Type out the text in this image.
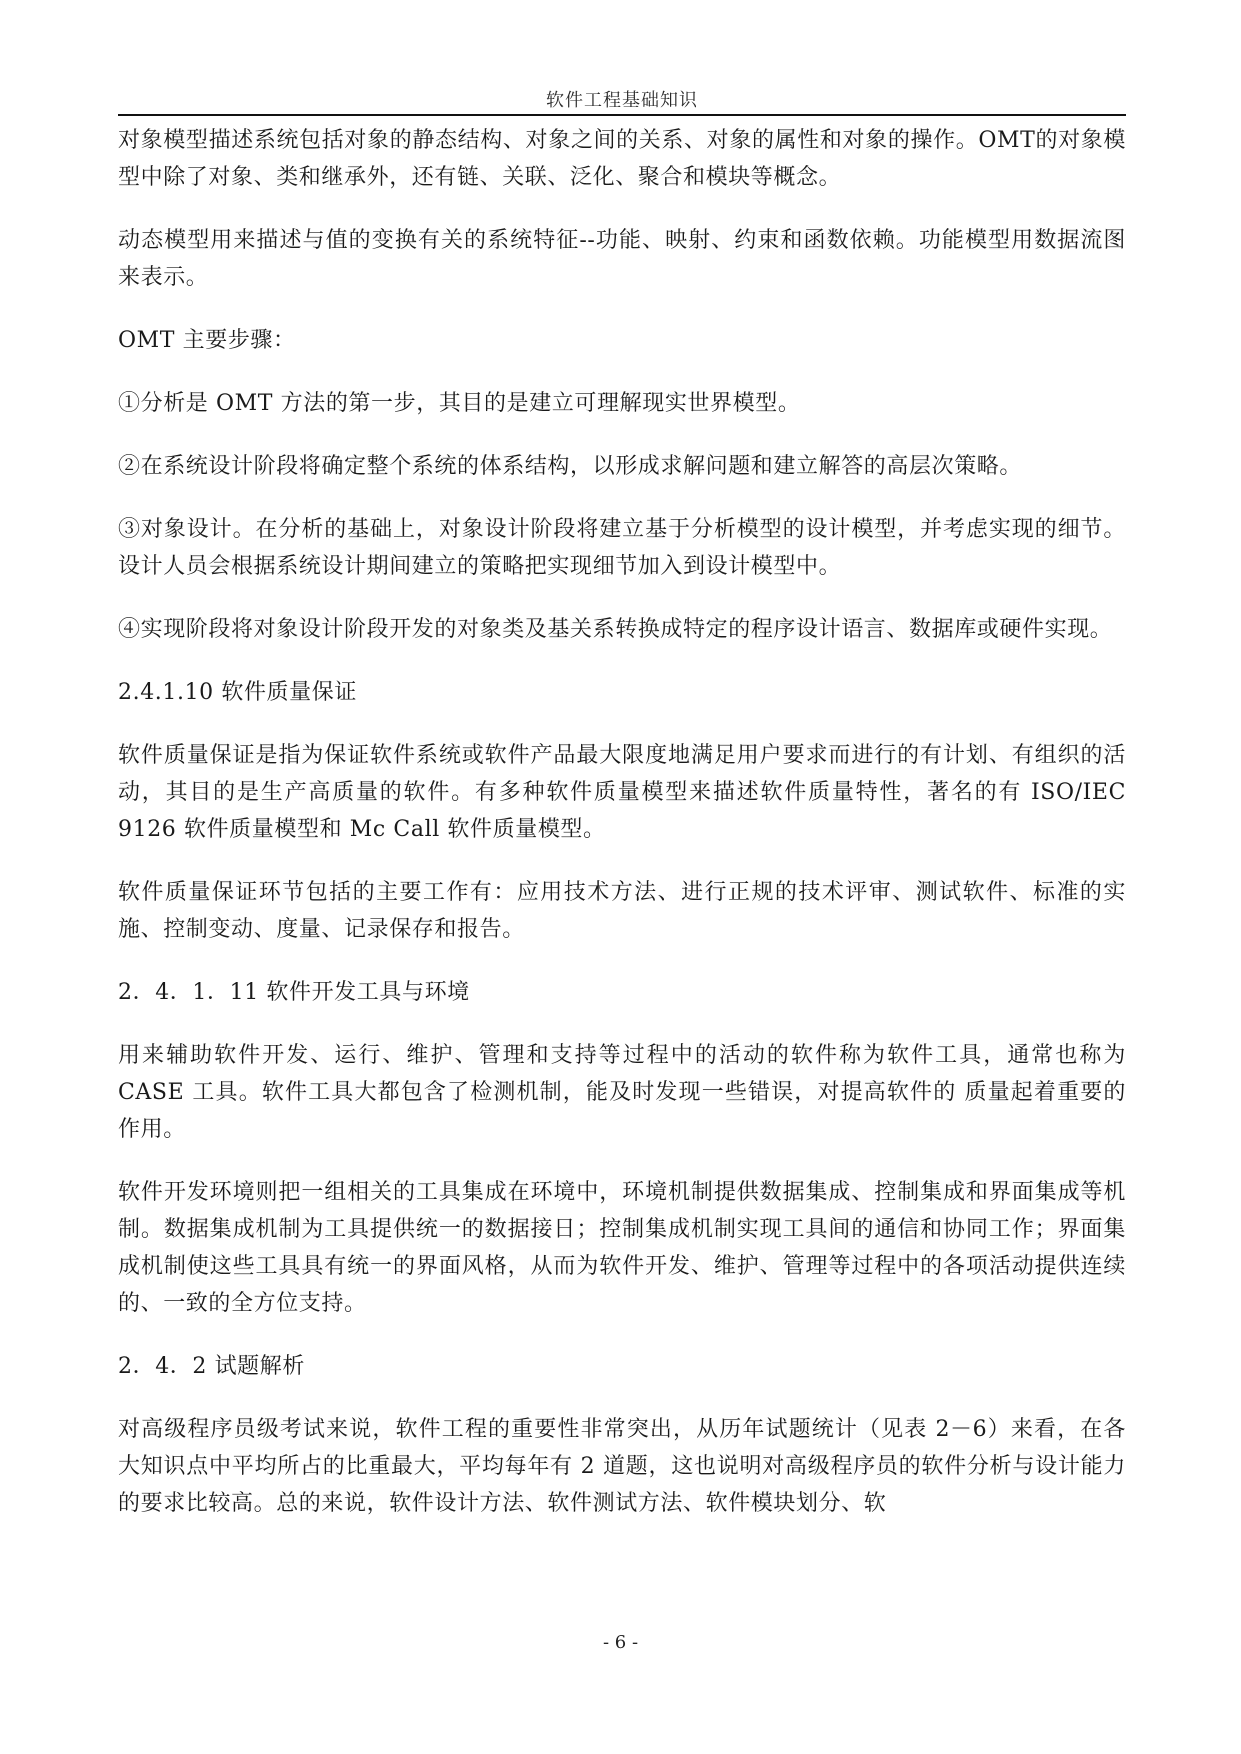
软件工程基础知识

对象模型描述系统包括对象的静态结构、对象之间的关系、对象的属性和对象的操作。OMT的对象模型中除了对象、类和继承外，还有链、关联、泛化、聚合和模块等概念。

动态模型用来描述与值的变换有关的系统特征--功能、映射、约束和函数依赖。功能模型用数据流图来表示。

OMT 主要步骤：

①分析是 OMT 方法的第一步，其目的是建立可理解现实世界模型。

②在系统设计阶段将确定整个系统的体系结构，以形成求解问题和建立解答的高层次策略。

③对象设计。在分析的基础上，对象设计阶段将建立基于分析模型的设计模型，并考虑实现的细节。设计人员会根据系统设计期间建立的策略把实现细节加入到设计模型中。

④实现阶段将对象设计阶段开发的对象类及基关系转换成特定的程序设计语言、数据库或硬件实现。

2.4.1.10 软件质量保证

软件质量保证是指为保证软件系统或软件产品最大限度地满足用户要求而进行的有计划、有组织的活动，其目的是生产高质量的软件。有多种软件质量模型来描述软件质量特性，著名的有 ISO/IEC 9126 软件质量模型和 Mc Call 软件质量模型。

软件质量保证环节包括的主要工作有：应用技术方法、进行正规的技术评审、测试软件、标准的实施、控制变动、度量、记录保存和报告。

2．4．1．11 软件开发工具与环境

用来辅助软件开发、运行、维护、管理和支持等过程中的活动的软件称为软件工具，通常也称为 CASE 工具。软件工具大都包含了检测机制，能及时发现一些错误，对提高软件的 质量起着重要的作用。

软件开发环境则把一组相关的工具集成在环境中，环境机制提供数据集成、控制集成和界面集成等机制。数据集成机制为工具提供统一的数据接日；控制集成机制实现工具间的通信和协同工作；界面集成机制使这些工具具有统一的界面风格，从而为软件开发、维护、管理等过程中的各项活动提供连续的、一致的全方位支持。

2．4．2 试题解析

对高级程序员级考试来说，软件工程的重要性非常突出，从历年试题统计（见表 2－6）来看，在各大知识点中平均所占的比重最大，平均每年有 2 道题，这也说明对高级程序员的软件分析与设计能力的要求比较高。总的来说，软件设计方法、软件测试方法、软件模块划分、软

- 6 -
